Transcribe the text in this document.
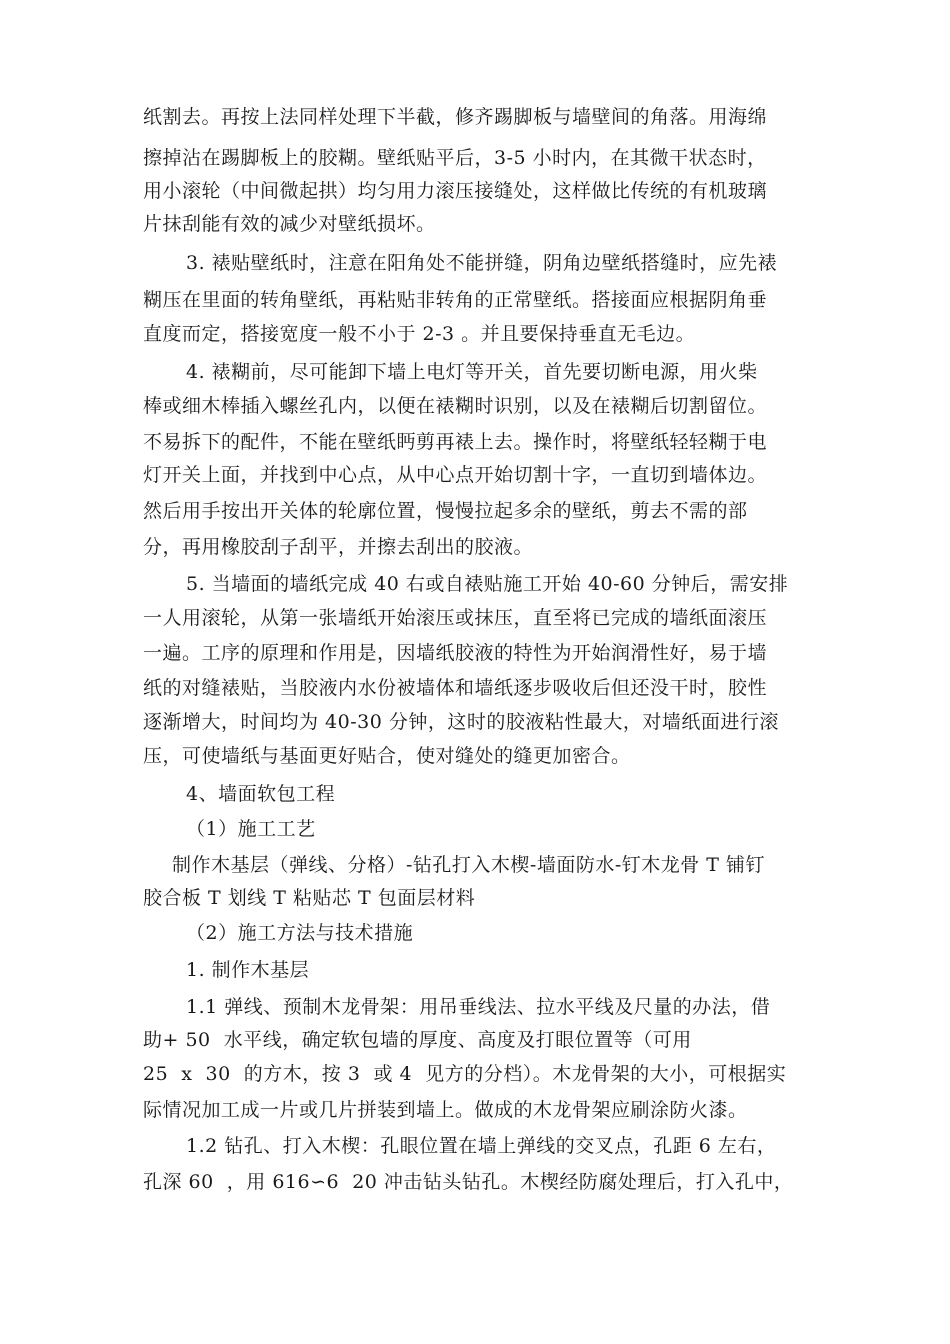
纸割去。再按上法同样处理下半截，修齐踢脚板与墙壁间的角落。用海绵
擦掉沾在踢脚板上的胶糊。壁纸贴平后，3-5 小时内，在其微干状态时，
用小滚轮（中间微起拱）均匀用力滚压接缝处，这样做比传统的有机玻璃
片抹刮能有效的减少对壁纸损坏。
3. 裱贴壁纸时，注意在阳角处不能拼缝，阴角边壁纸搭缝时，应先裱
糊压在里面的转角壁纸，再粘贴非转角的正常壁纸。搭接面应根据阴角垂
直度而定，搭接宽度一般不小于 2-3 。并且要保持垂直无毛边。
4. 裱糊前，尽可能卸下墙上电灯等开关，首先要切断电源，用火柴
棒或细木棒插入螺丝孔内，以便在裱糊时识别，以及在裱糊后切割留位。
不易拆下的配件，不能在壁纸眄剪再裱上去。操作时，将壁纸轻轻糊于电
灯开关上面，并找到中心点，从中心点开始切割十字，一直切到墙体边。
然后用手按出开关体的轮廓位置，慢慢拉起多余的壁纸，剪去不需的部
分，再用橡胶刮子刮平，并擦去刮出的胶液。
5. 当墙面的墙纸完成 40 右或自裱贴施工开始 40-60 分钟后，需安排
一人用滚轮，从第一张墙纸开始滚压或抹压，直至将已完成的墙纸面滚压
一遍。工序的原理和作用是，因墙纸胶液的特性为开始润滑性好，易于墙
纸的对缝裱贴，当胶液内水份被墙体和墙纸逐步吸收后但还没干时，胶性
逐渐增大，时间均为 40-30 分钟，这时的胶液粘性最大，对墙纸面进行滚
压，可使墙纸与基面更好贴合，使对缝处的缝更加密合。
4、墙面软包工程
（1）施工工艺
制作木基层（弹线、分格）-钻孔打入木楔-墙面防水-钉木龙骨 T 铺钉
胶合板 T 划线 T 粘贴芯 T 包面层材料
（2）施工方法与技术措施
1. 制作木基层
1.1 弹线、预制木龙骨架：用吊垂线法、拉水平线及尺量的办法，借
助+ 50  水平线，确定软包墙的厚度、高度及打眼位置等（可用
25  x  30  的方木，按 3  或 4  见方的分档）。木龙骨架的大小，可根据实
际情况加工成一片或几片拼装到墙上。做成的木龙骨架应刷涂防火漆。
1.2 钻孔、打入木楔：孔眼位置在墙上弹线的交叉点，孔距 6 左右，
孔深 60  ，用 616∽6  20 冲击钻头钻孔。木楔经防腐处理后，打入孔中，
